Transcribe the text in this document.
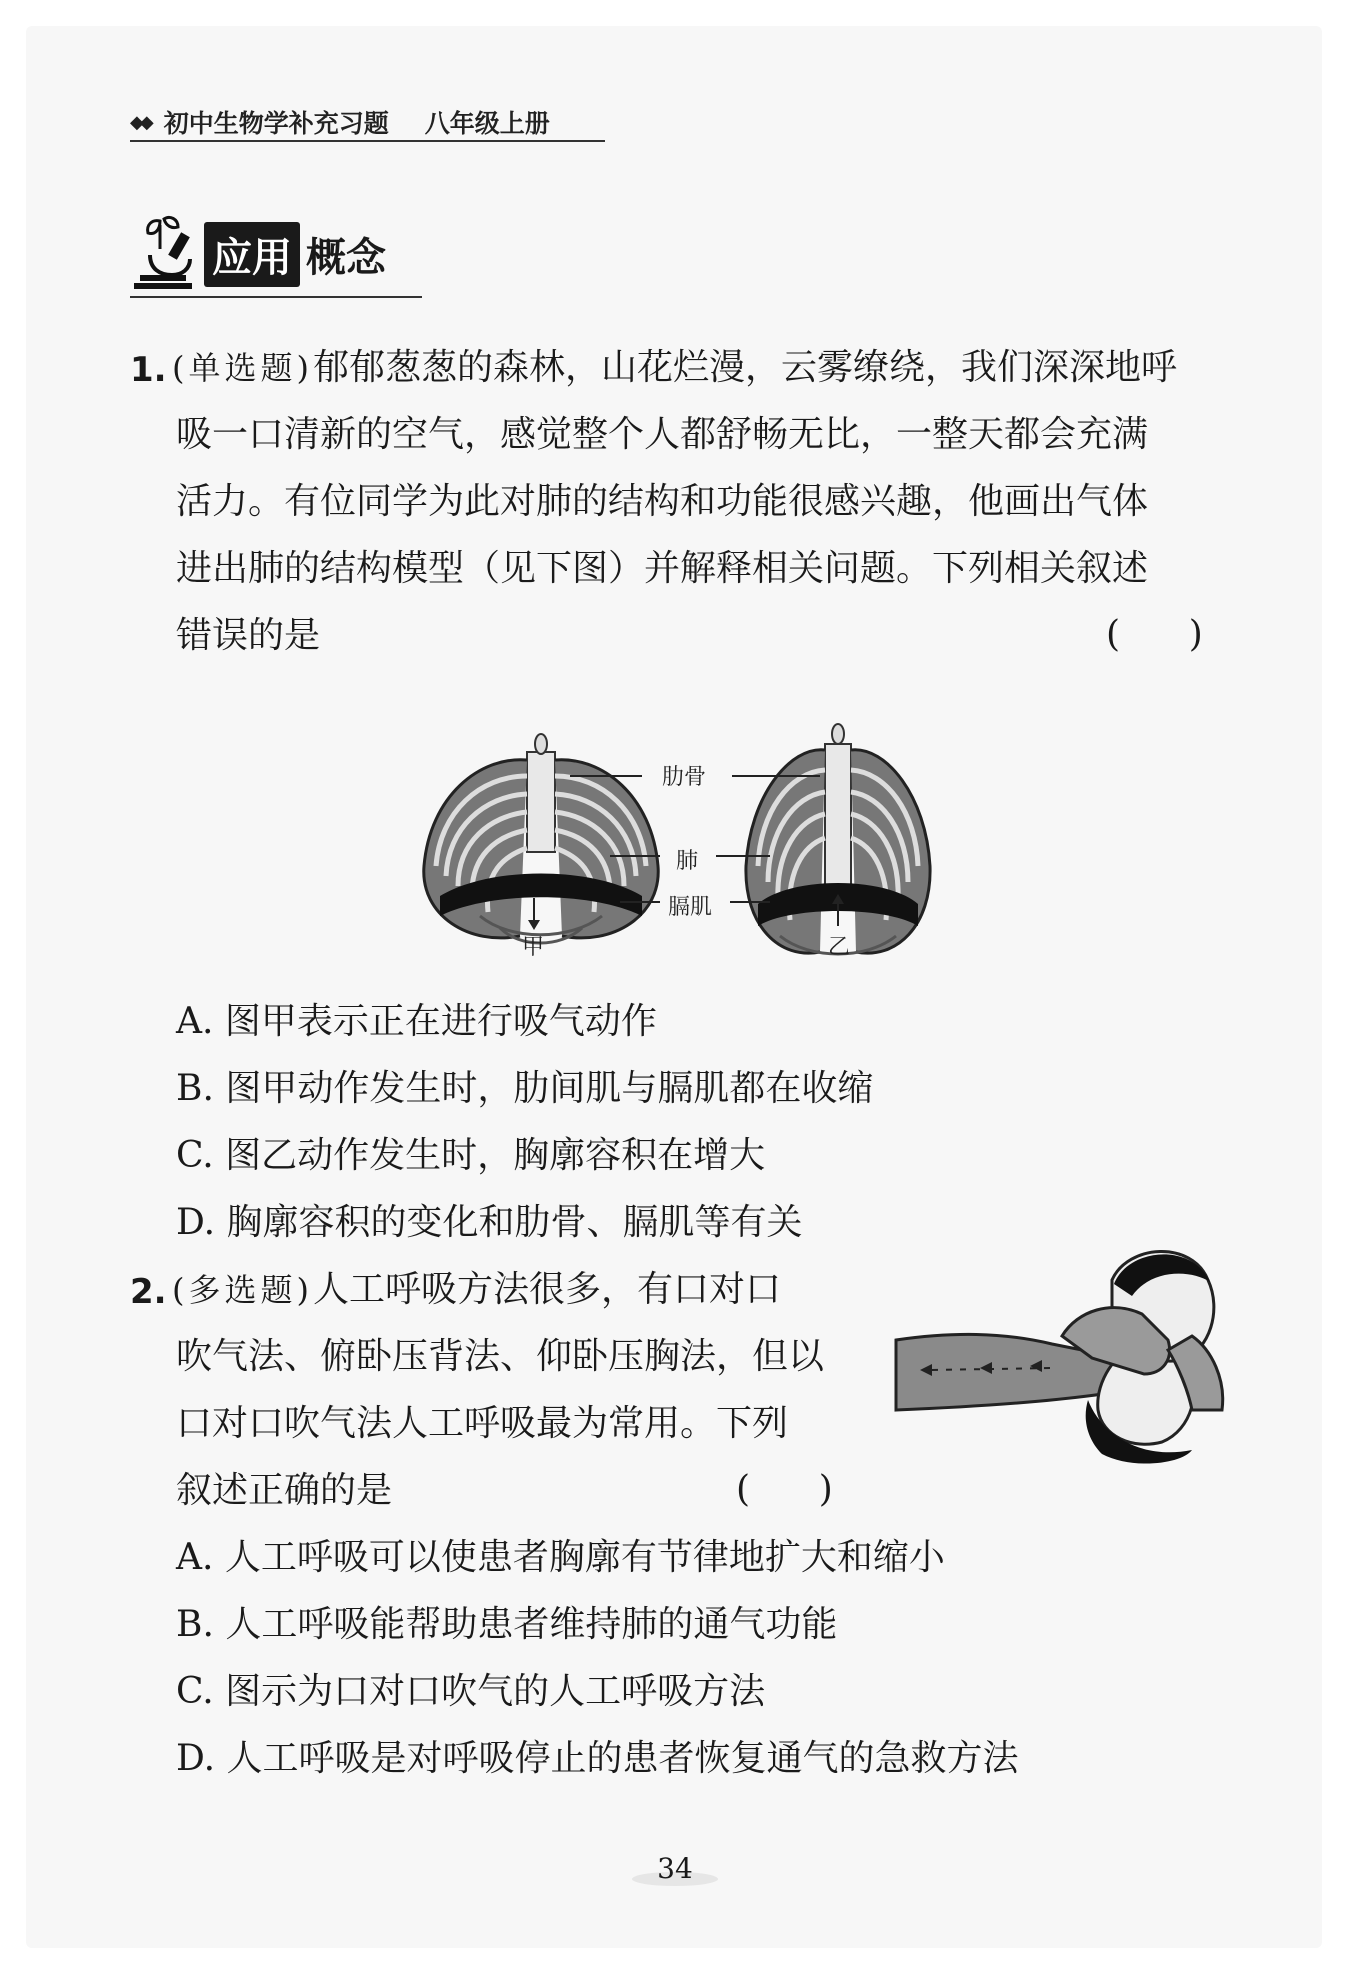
◆◆ 初中生物学补充习题 八年级上册
应用 概念
1. (单选题)郁郁葱葱的森林，山花烂漫，云雾缭绕，我们深深地呼
吸一口清新的空气，感觉整个人都舒畅无比，一整天都会充满
活力。有位同学为此对肺的结构和功能很感兴趣，他画出气体
进出肺的结构模型（见下图）并解释相关问题。下列相关叙述
错误的是	(      )
肋骨
肺
膈肌
甲	乙
A. 图甲表示正在进行吸气动作
B. 图甲动作发生时，肋间肌与膈肌都在收缩
C. 图乙动作发生时，胸廓容积在增大
D. 胸廓容积的变化和肋骨、膈肌等有关
2. (多选题)人工呼吸方法很多，有口对口
吹气法、俯卧压背法、仰卧压胸法，但以
口对口吹气法人工呼吸最为常用。下列
叙述正确的是	(      )
A. 人工呼吸可以使患者胸廓有节律地扩大和缩小
B. 人工呼吸能帮助患者维持肺的通气功能
C. 图示为口对口吹气的人工呼吸方法
D. 人工呼吸是对呼吸停止的患者恢复通气的急救方法
34
